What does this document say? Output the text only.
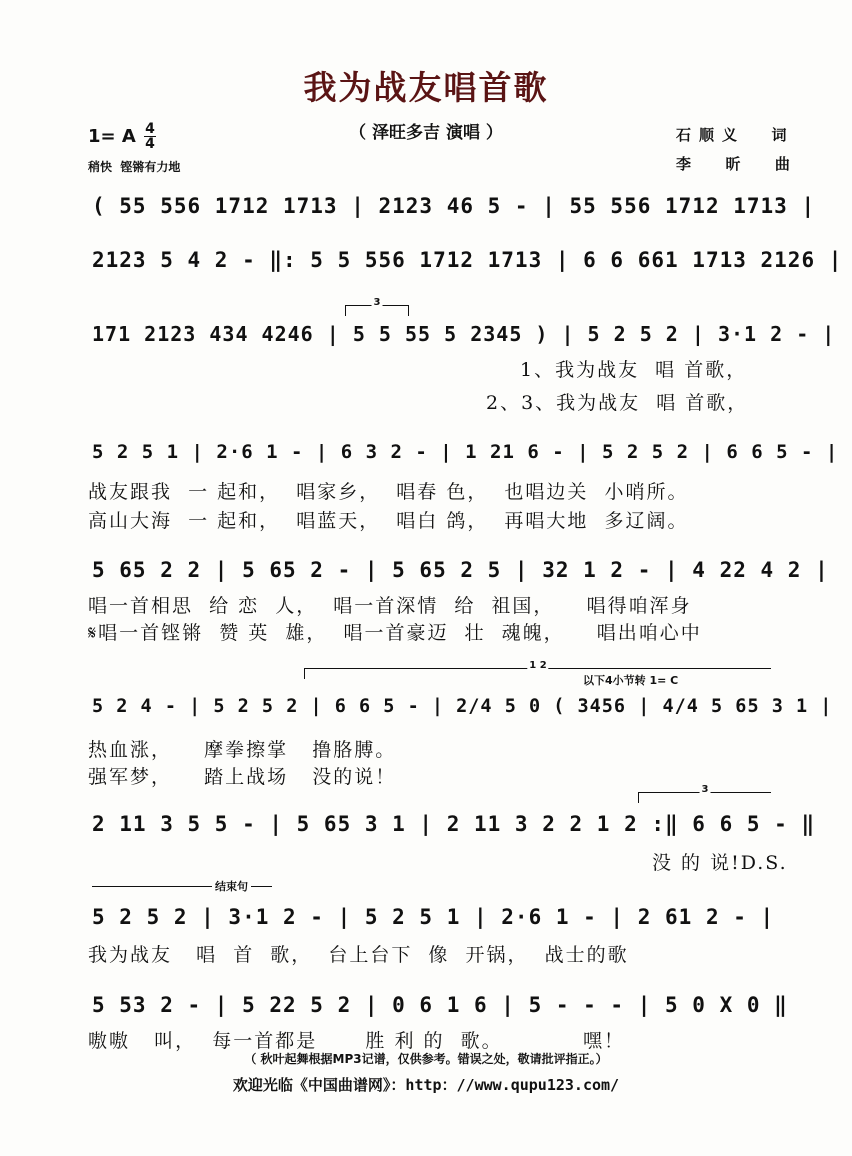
我为战友唱首歌
（ 泽旺多吉 演唱 ）
1= A 4
4
稍快  铿锵有力地
石顺义  词
李  昕  曲
( 55 556 1712 1713 | 2123 46 5 - | 55 556 1712 1713 |
2123 5 4 2 - ‖: 5 5 556 1712 1713 | 6 6 661 1713 2126 |
171 2123 434 4246 | 5 5 55 5 2345 ) | 5 2 5 2 | 3·1 2 - |
3
1、我为战友  唱 首歌，
2、3、我为战友  唱 首歌，
5 2 5 1 | 2·6 1 - | 6 3 2 - | 1 21 6 - | 5 2 5 2 | 6 6 5 - |
战友跟我  一 起和，  唱家乡，  唱春 色，  也唱边关  小哨所。
高山大海  一 起和，  唱蓝天，  唱白 鸽，  再唱大地  多辽阔。
5 65 2 2 | 5 65 2 - | 5 65 2 5 | 32 1 2 - | 4 22 4 2 |
唱一首相思  给 恋  人，  唱一首深情  给  祖国，    唱得咱浑身
𝄋唱一首铿锵  赞 英  雄，  唱一首豪迈  壮  魂魄，    唱出咱心中
1 2
以下4小节转 1= C
5 2 4 - | 5 2 5 2 | 6 6 5 - | 2/4 5 0 ( 3456 | 4/4 5 65 3 1 |
热血涨，    摩拳擦掌   撸胳膊。
强军梦，    踏上战场   没的说！
3
2 11 3 5 5 - | 5 65 3 1 | 2 11 3 2 2 1 2 :‖ 6 6 5 - ‖
没 的 说!D.S.
结束句
5 2 5 2 | 3·1 2 - | 5 2 5 1 | 2·6 1 - | 2 61 2 - |
我为战友   唱  首  歌，  台上台下  像  开锅，  战士的歌
5 53 2 - | 5 22 5 2 | 0 6 1 6 | 5 - - - | 5 0 X 0 ‖
嗷嗷   叫，  每一首都是      胜 利 的  歌。          嘿！
（ 秋叶起舞根据MP3记谱，仅供参考。错误之处，敬请批评指正。）
欢迎光临《中国曲谱网》：http：//www.qupu123.com/
